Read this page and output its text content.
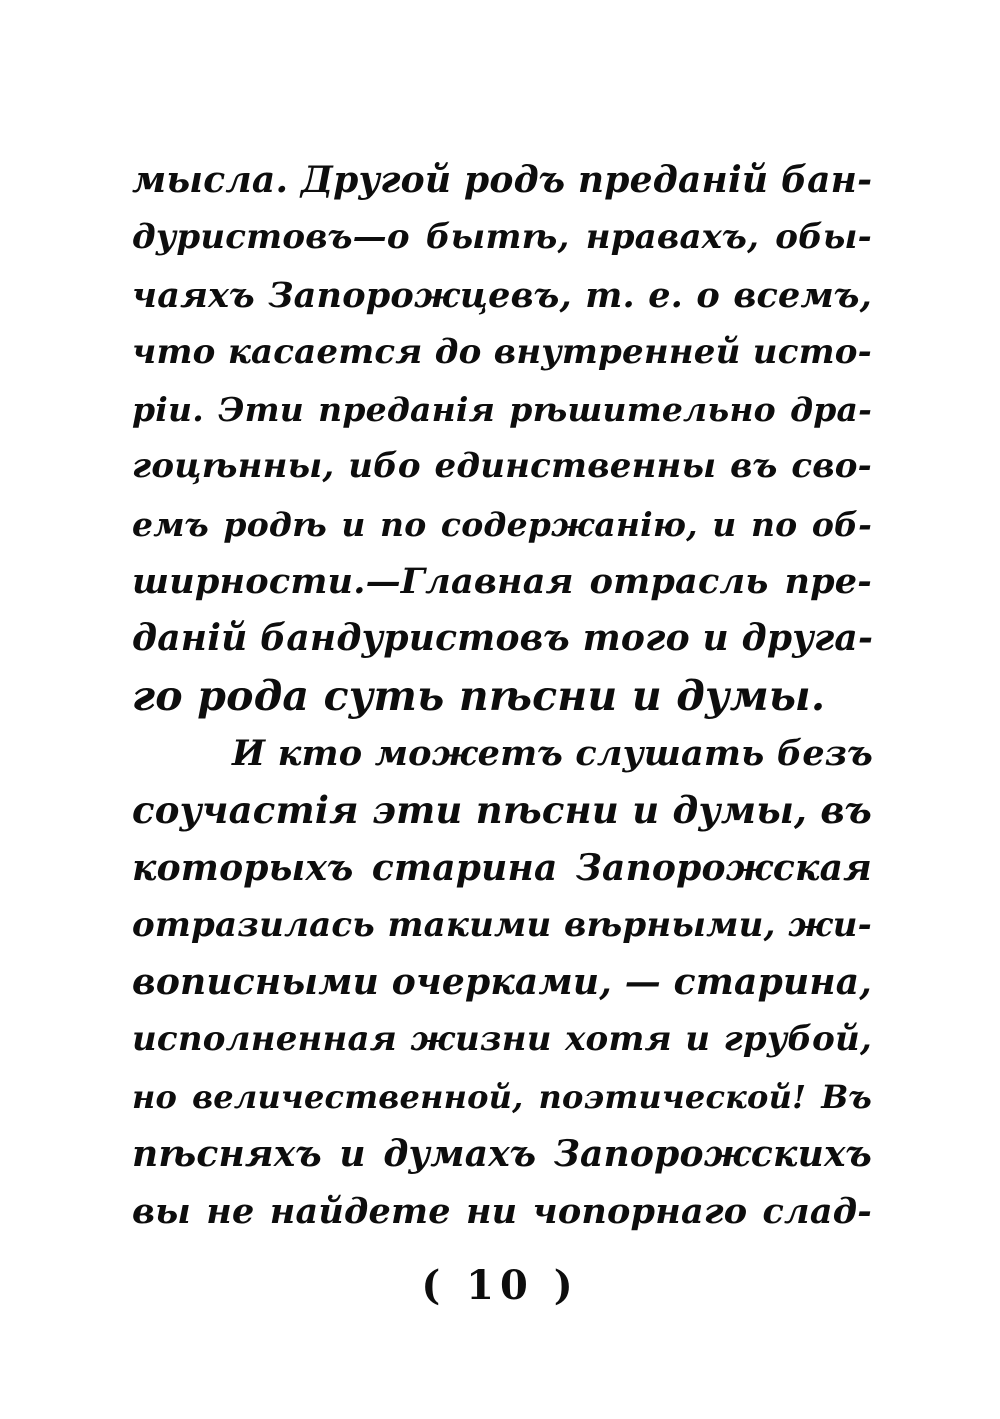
мысла. Другой родъ преданій бан-
дуристовъ—о бытѣ, нравахъ, обы-
чаяхъ Запорожцевъ, т. е. о всемъ,
что касается до внутренней исто-
ріи. Эти преданія рѣшительно дра-
гоцѣнны, ибо единственны въ сво-
емъ родѣ и по содержанію, и по об-
ширности.—Главная отрасль пре-
даній бандуристовъ того и друга-
го рода суть пѣсни и думы.
И кто можетъ слушать безъ
соучастія эти пѣсни и думы, въ
которыхъ старина Запорожская
отразилась такими вѣрными, жи-
вописными очерками, — старина,
исполненная жизни хотя и грубой,
но величественной, поэтической! Въ
пѣсняхъ и думахъ Запорожскихъ
вы не найдете ни чопорнаго слад-
( 10 )
